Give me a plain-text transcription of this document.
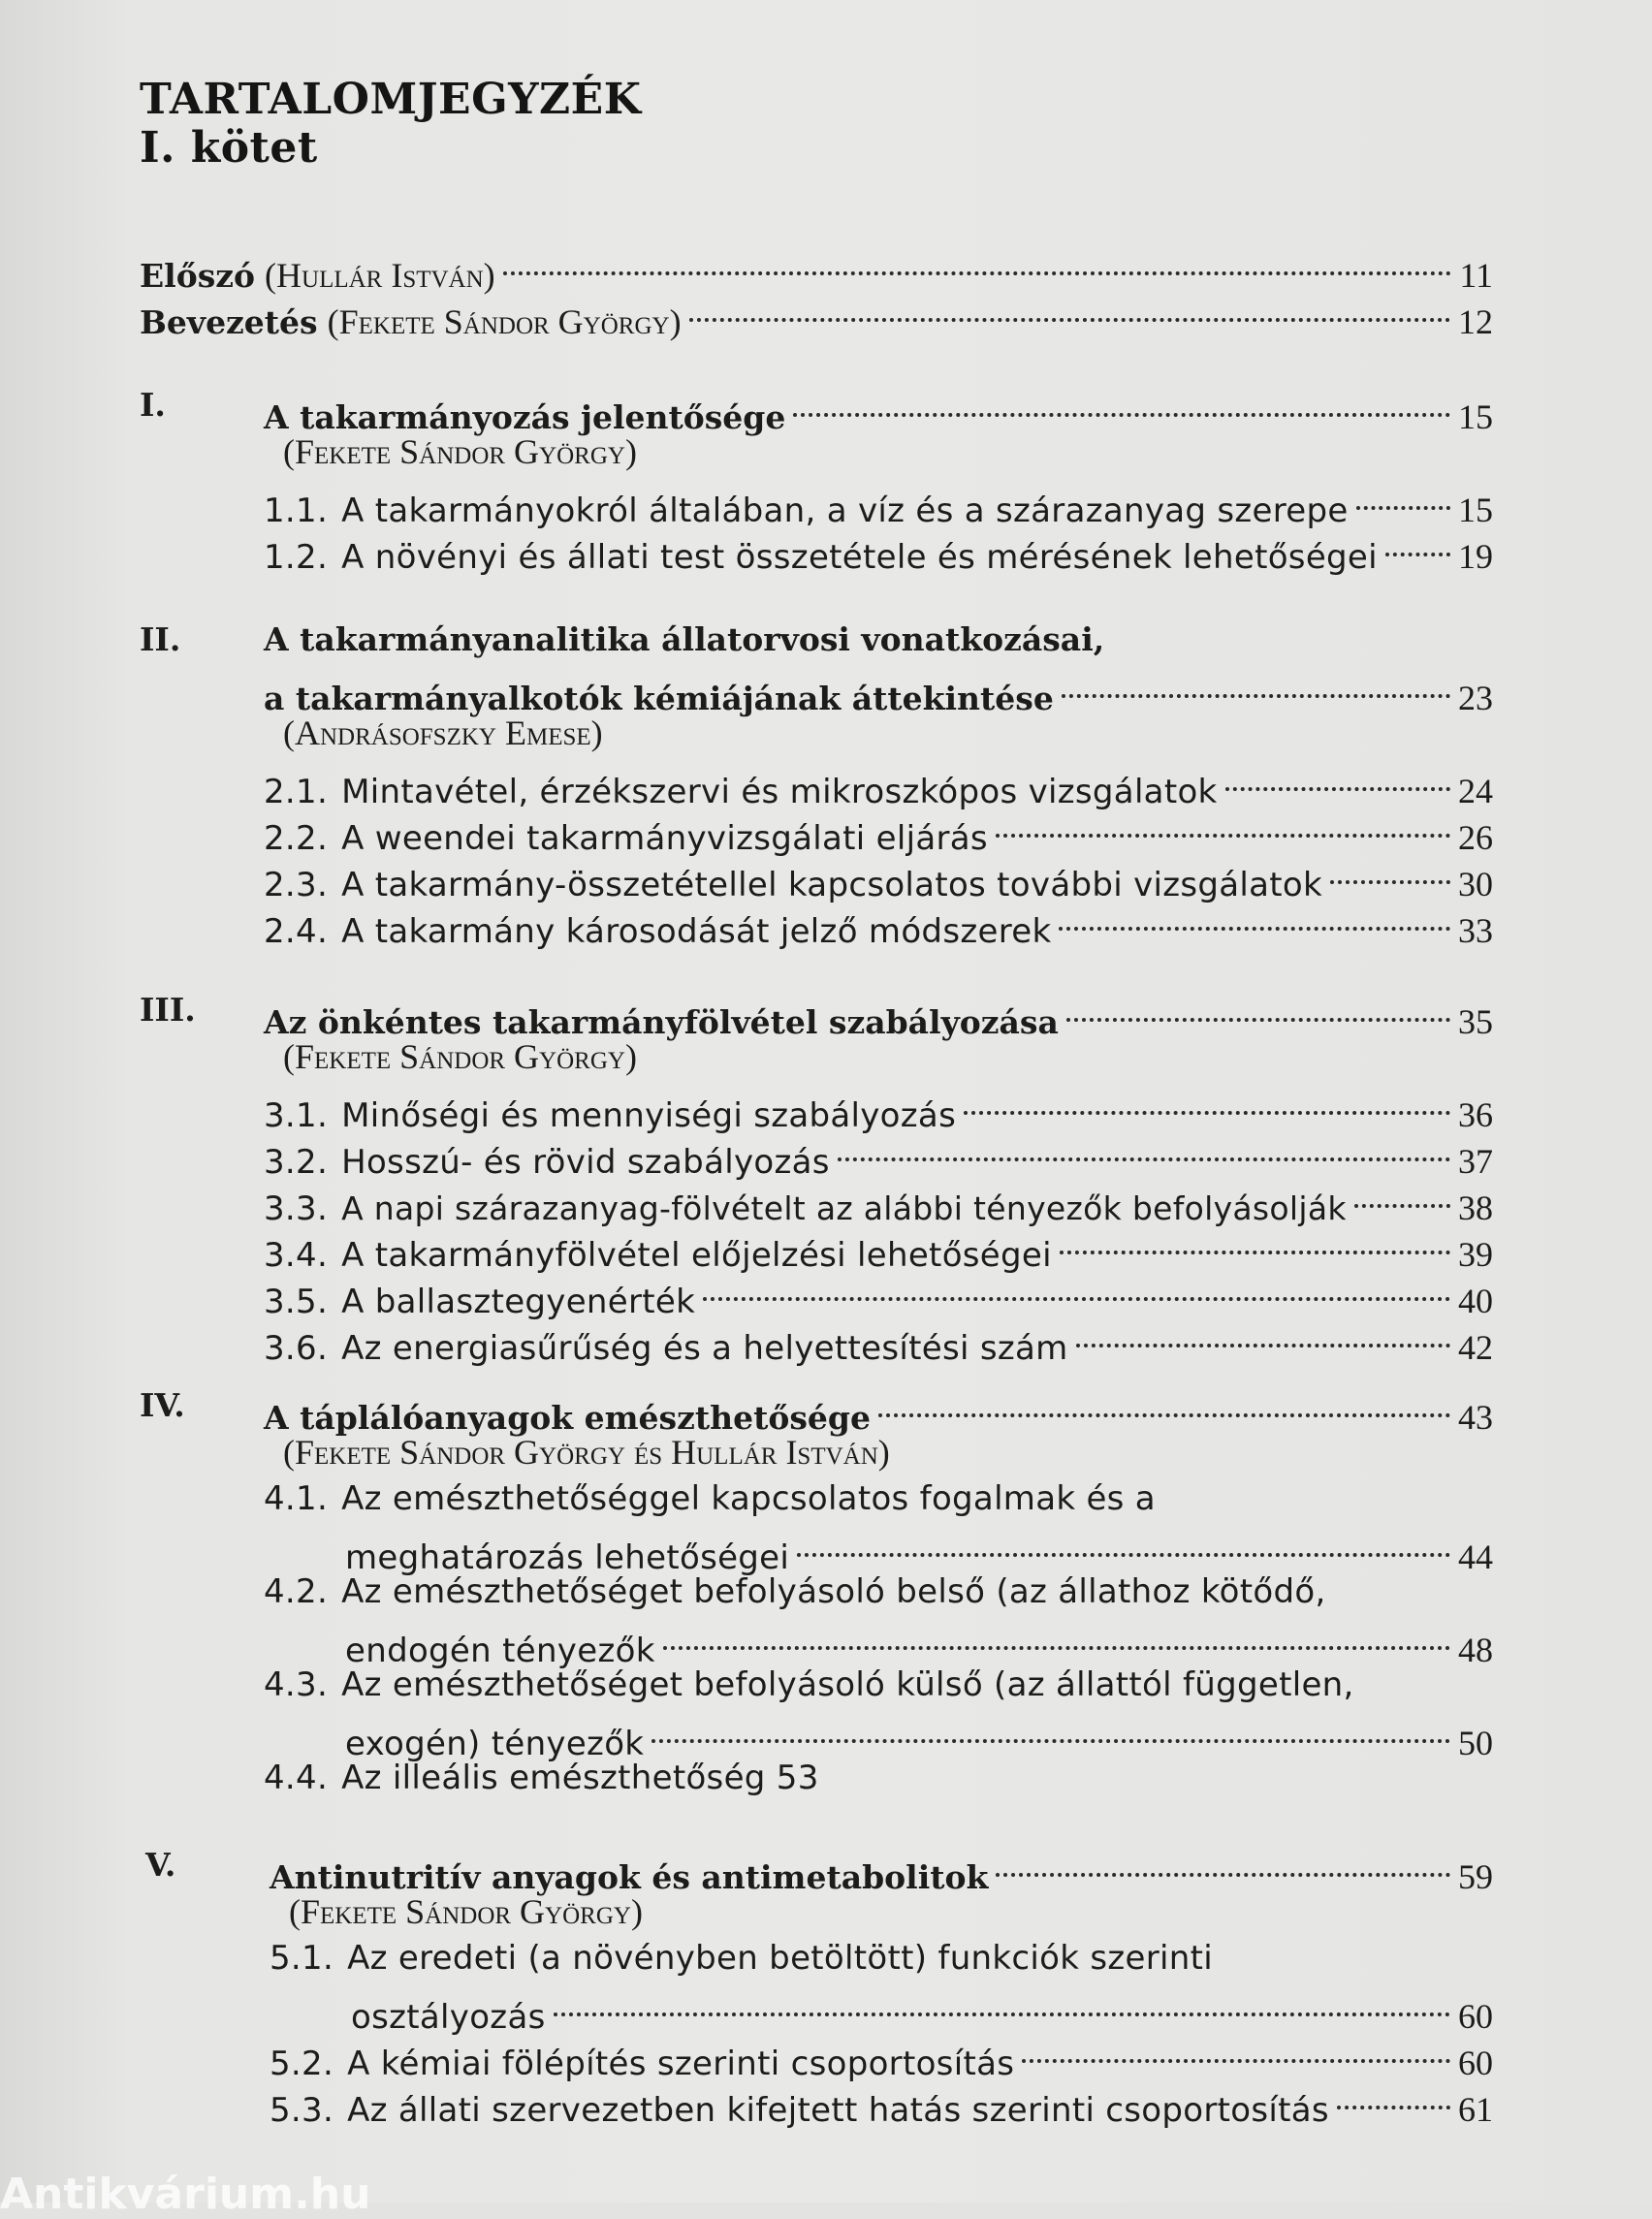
TARTALOMJEGYZÉK
I. kötet
Előszó (Hullár István)	11
Bevezetés (Fekete Sándor György)	12
I.	A takarmányozás jelentősége	15
(Fekete Sándor György)
1.1. A takarmányokról általában, a víz és a szárazanyag szerepe	15
1.2. A növényi és állati test összetétele és mérésének lehetőségei 19
II.	A takarmányanalitika állatorvosi vonatkozásai,
a takarmányalkotók kémiájának áttekintése	23
(Andrásofszky Emese)
2.1. Mintavétel, érzékszervi és mikroszkópos vizsgálatok	24
2.2. A weendei takarmányvizsgálati eljárás	26
2.3. A takarmány-összetétellel kapcsolatos további vizsgálatok	30
2.4. A takarmány károsodását jelző módszerek	33
III. Az önkéntes takarmányfölvétel szabályozása	35
(Fekete Sándor György)
3.1. Minőségi és mennyiségi szabályozás	36
3.2. Hosszú- és rövid szabályozás	37
3.3. A napi szárazanyag-fölvételt az alábbi tényezők befolyásolják	38
3.4. A takarmányfölvétel előjelzési lehetőségei	39
3.5. A ballasztegyenérték	40
3.6. Az energiasűrűség és a helyettesítési szám	42
IV. A táplálóanyagok emészthetősége	43
(Fekete Sándor György és Hullár István)
4.1. Az emészthetőséggel kapcsolatos fogalmak és a
meghatározás lehetőségei	44
4.2. Az emészthetőséget befolyásoló belső (az állathoz kötődő,
endogén tényezők	48
4.3. Az emészthetőséget befolyásoló külső (az állattól független,
exogén) tényezők	50
4.4. Az illeális emészthetőség 53
V.	Antinutritív anyagok és antimetabolitok	59
(Fekete Sándor György)
5.1. Az eredeti (a növényben betöltött) funkciók szerinti
osztályozás	60
5.2. A kémiai fölépítés szerinti csoportosítás	60
5.3. Az állati szervezetben kifejtett hatás szerinti csoportosítás	61
Antikvárium.hu
